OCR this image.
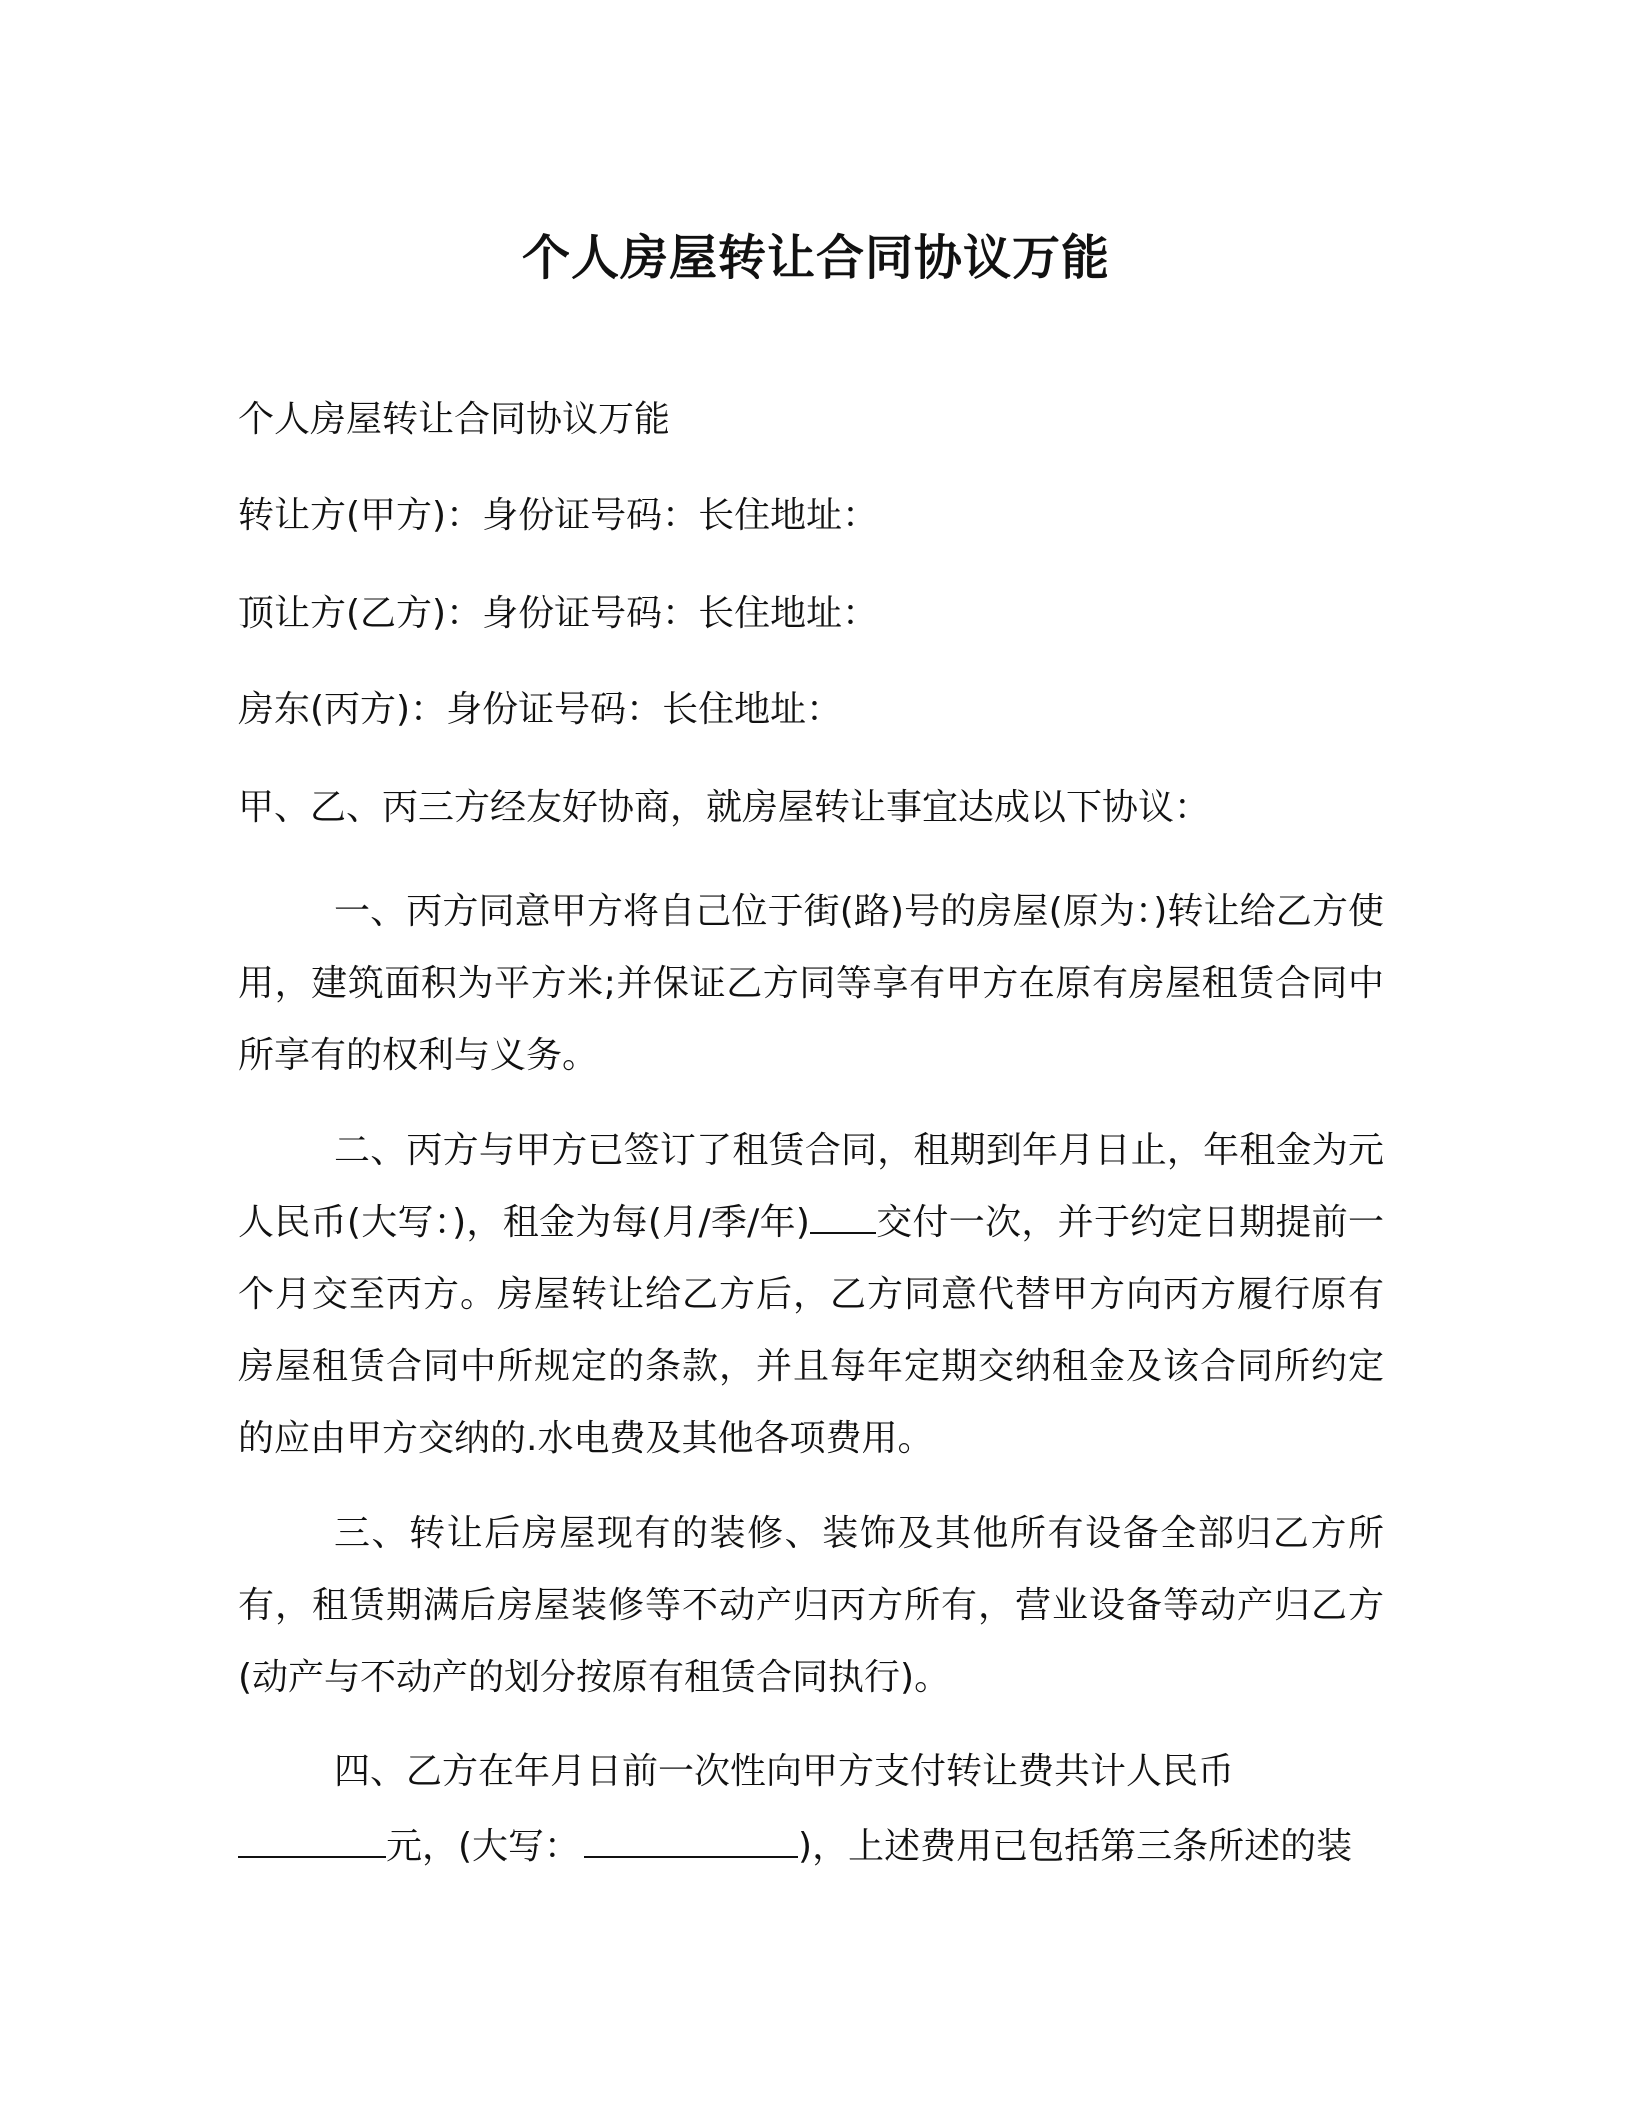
个人房屋转让合同协议万能

个人房屋转让合同协议万能

转让方(甲方)：身份证号码：长住地址：

顶让方(乙方)：身份证号码：长住地址：

房东(丙方)：身份证号码：长住地址：

甲、乙、丙三方经友好协商，就房屋转让事宜达成以下协议：

一、丙方同意甲方将自己位于街(路)号的房屋(原为：)转让给乙方使用，建筑面积为平方米;并保证乙方同等享有甲方在原有房屋租赁合同中所享有的权利与义务。

二、丙方与甲方已签订了租赁合同，租期到年月日止，年租金为元人民币(大写：)，租金为每(月/季/年) 交付一次，并于约定日期提前一个月交至丙方。房屋转让给乙方后，乙方同意代替甲方向丙方履行原有房屋租赁合同中所规定的条款，并且每年定期交纳租金及该合同所约定的应由甲方交纳的.水电费及其他各项费用。

三、转让后房屋现有的装修、装饰及其他所有设备全部归乙方所有，租赁期满后房屋装修等不动产归丙方所有，营业设备等动产归乙方(动产与不动产的划分按原有租赁合同执行)。

四、乙方在年月日前一次性向甲方支付转让费共计人民币

元，(大写：	)，上述费用已包括第三条所述的装
